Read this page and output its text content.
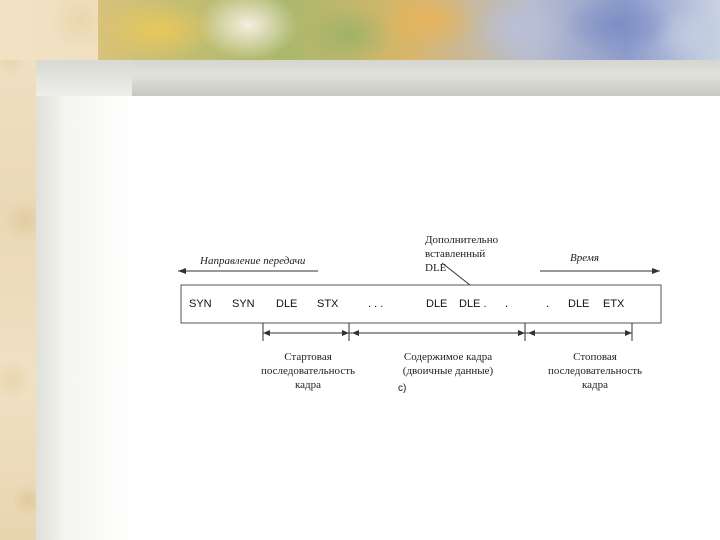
Направление передачи	Время
Дополнительно
вставленный
DLE
SYN SYN DLE STX	. . .	DLE DLE . .	. DLE ETX
Стартовая
последовательность
кадра
Содержимое кадра
(двоичные данные)
c)
Стоповая
последовательность
кадра
